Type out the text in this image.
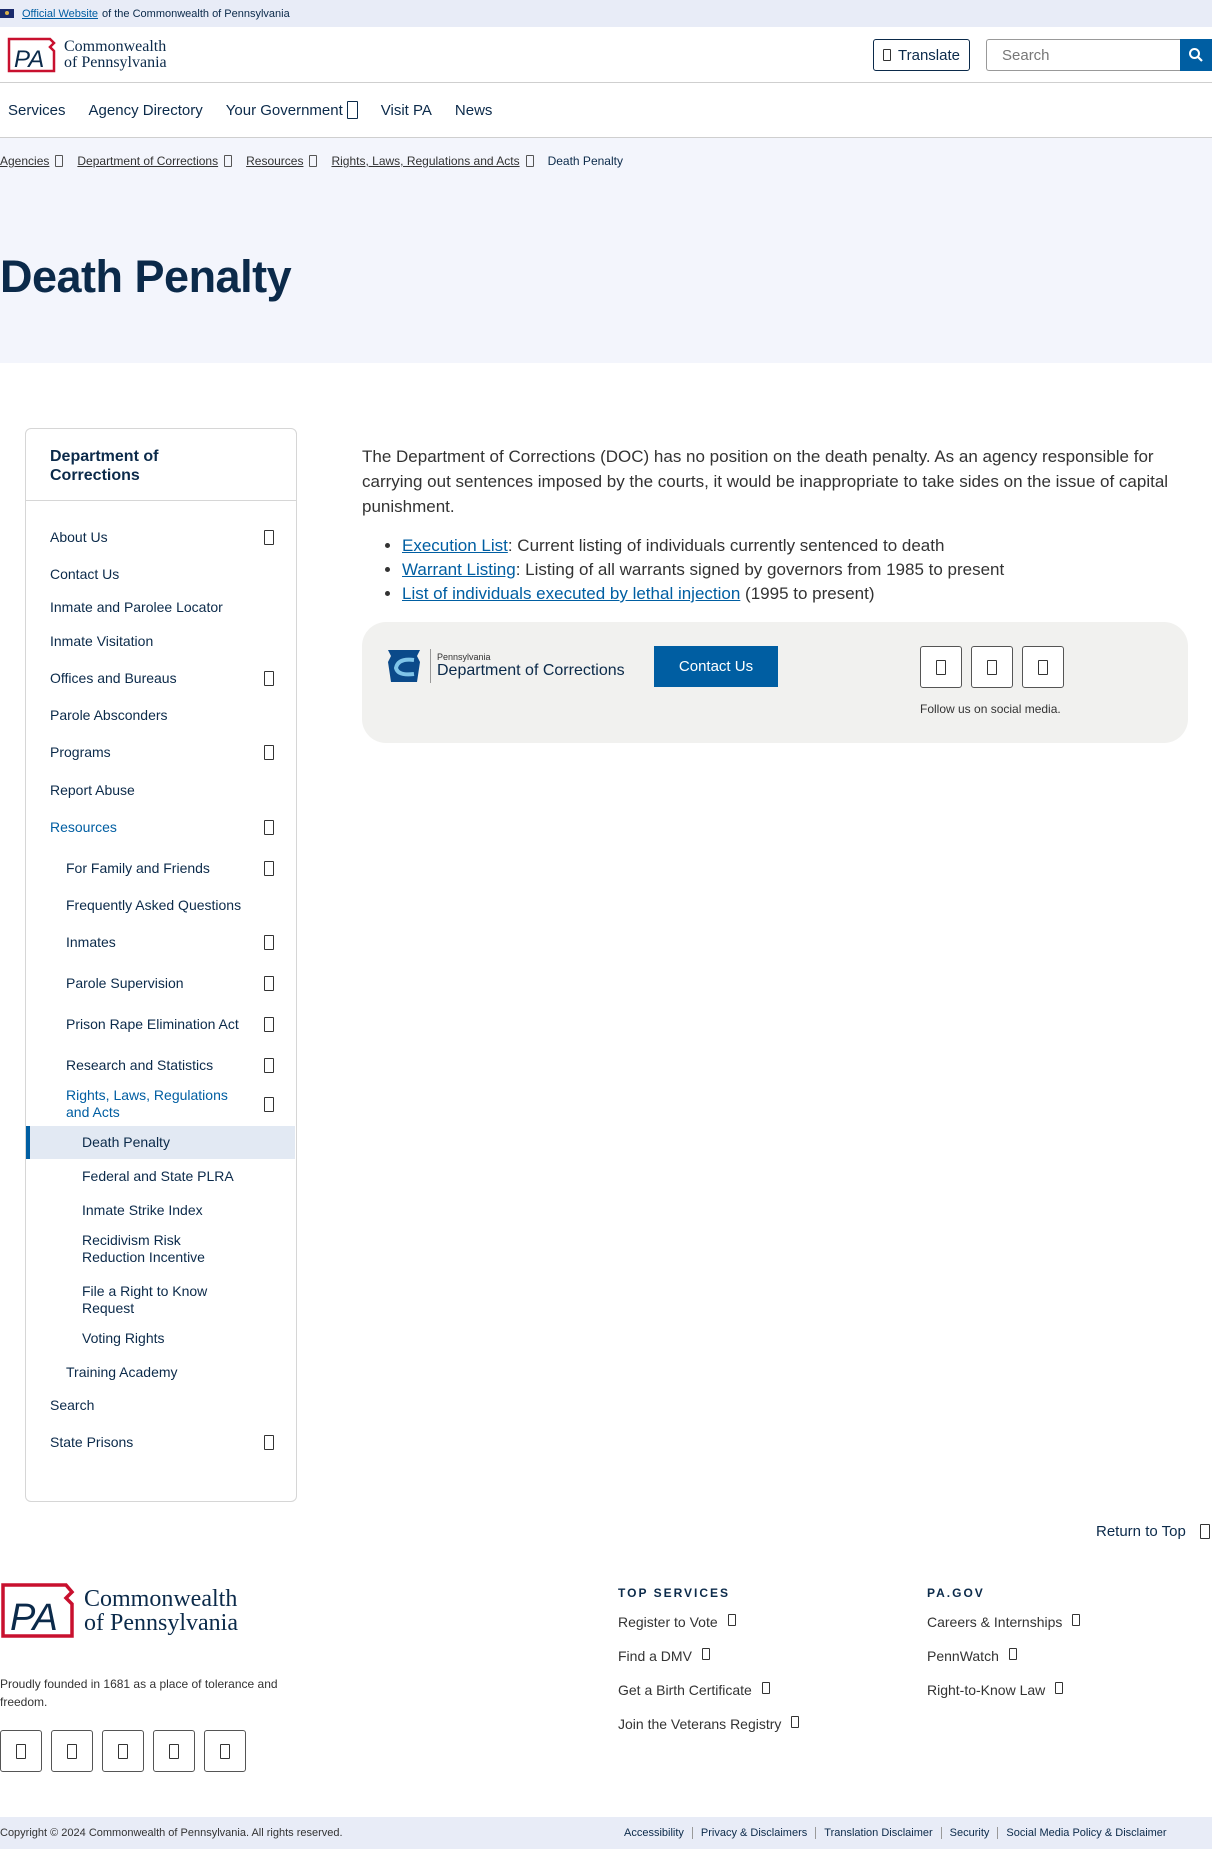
Official Website of the Commonwealth of Pennsylvania
PA Commonwealth
of Pennsylvania	Translate
Search
Services Agency Directory Your Government	Visit PA News
Agencies Department of Corrections Resources Rights, Laws, Regulations and Acts Death Penalty
Death Penalty
Department of
Corrections
About Us
Contact Us
Inmate and Parolee Locator
Inmate Visitation
Offices and Bureaus
Parole Absconders
Programs
Report Abuse
Resources
For Family and Friends
Frequently Asked Questions
Inmates
Parole Supervision
Prison Rape Elimination Act
Research and Statistics
Rights, Laws, Regulations and Acts
Death Penalty
Federal and State PLRA
Inmate Strike Index
Recidivism Risk Reduction Incentive
File a Right to Know Request
Voting Rights
Training Academy
Search
State Prisons

The Department of Corrections (DOC) has no position on the death penalty. As an agency responsible for carrying out sentences imposed by the courts, it would be inappropriate to take sides on the issue of capital punishment.

• Execution List: Current listing of individuals currently sentenced to death
• Warrant Listing: Listing of all warrants signed by governors from 1985 to present
• List of individuals executed by lethal injection (1995 to present)
Pennsylvania
Department of Corrections	Contact Us
Follow us on social media.
Return to Top
PA Commonwealth
of Pennsylvania
Proudly founded in 1681 as a place of tolerance and freedom.
TOP SERVICES
Register to Vote
Find a DMV
Get a Birth Certificate
Join the Veterans Registry
PA.GOV
Careers & Internships
PennWatch
Right-to-Know Law
Copyright © 2024 Commonwealth of Pennsylvania. All rights reserved.	Accessibility	Privacy & Disclaimers	Translation Disclaimer	Security	Social Media Policy & Disclaimer
